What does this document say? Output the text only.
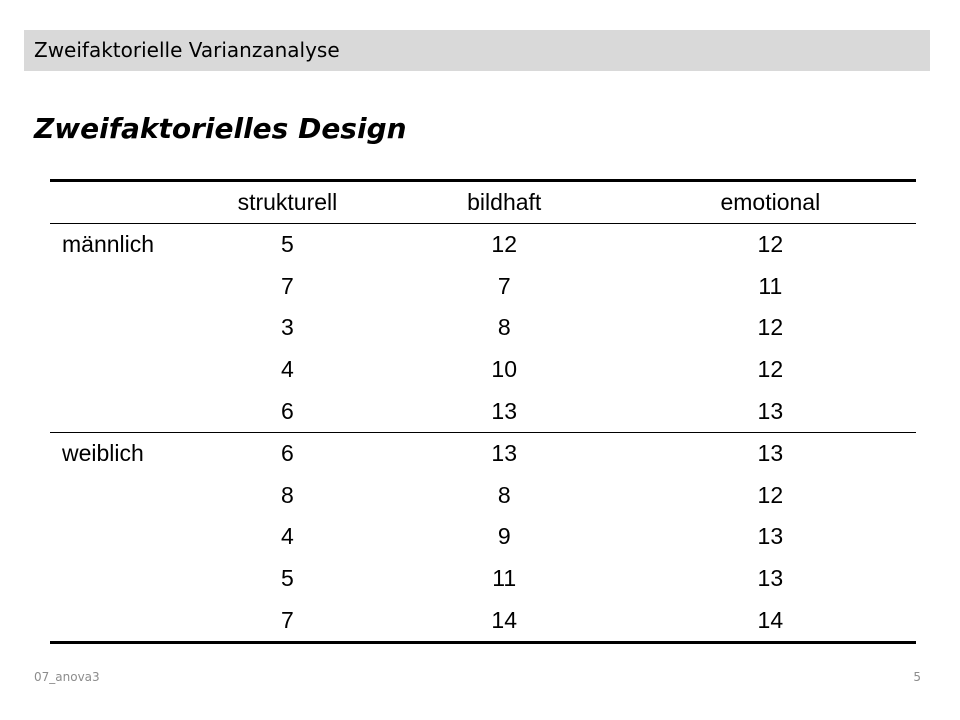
Zweifaktorielle Varianzanalyse
Zweifaktorielles Design
	strukturell	bildhaft	emotional
männlich	5	12	12
	7	7	11
	3	8	12
	4	10	12
	6	13	13
weiblich	6	13	13
	8	8	12
	4	9	13
	5	11	13
	7	14	14
07_anova3	5
